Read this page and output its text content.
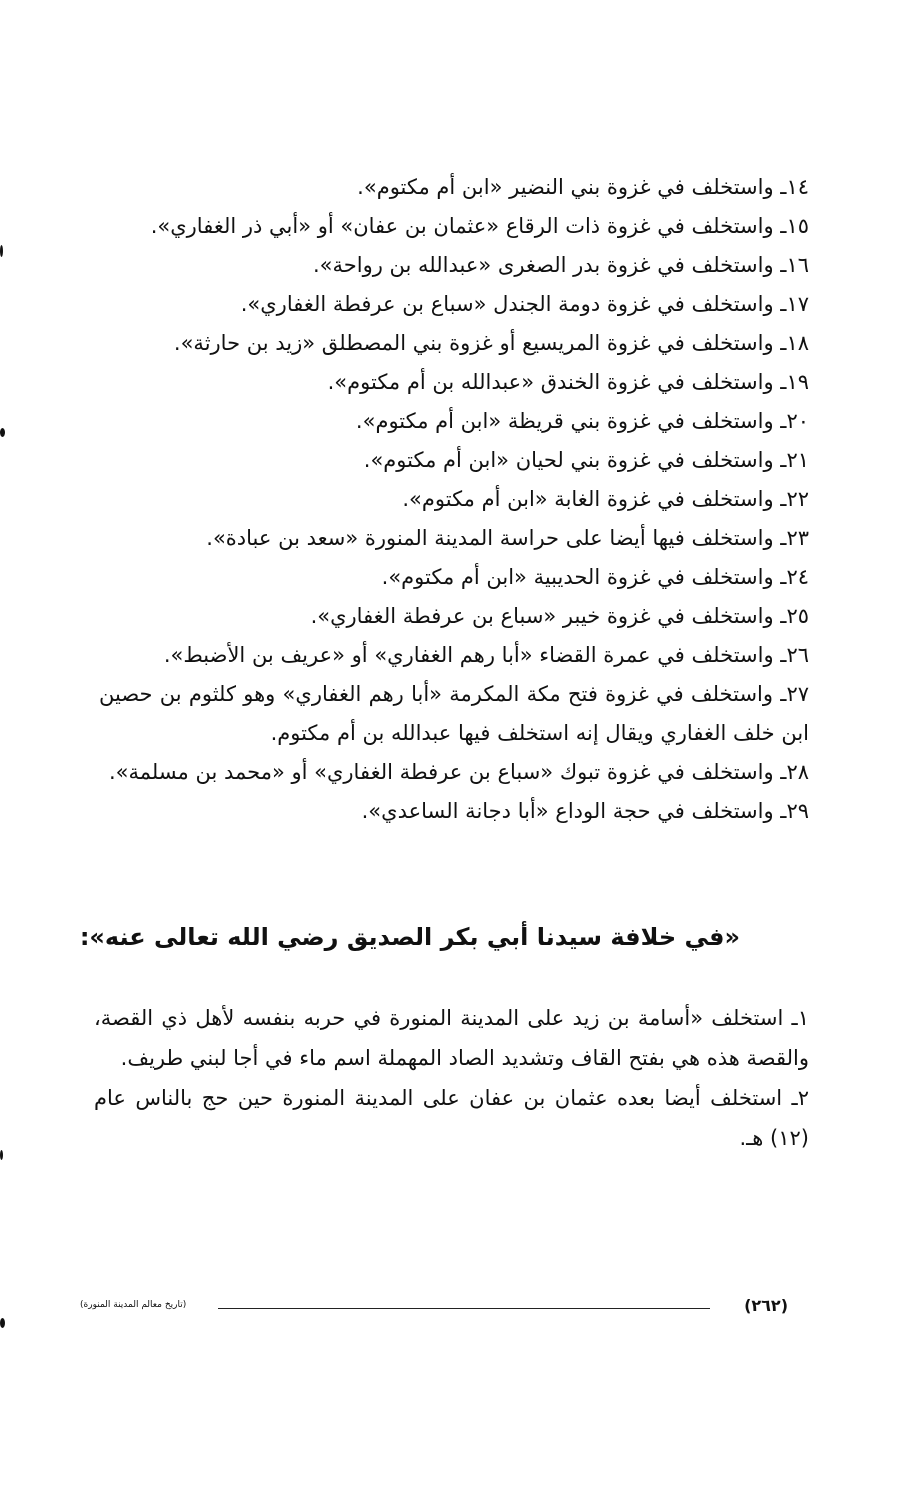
١٤ـ واستخلف في غزوة بني النضير «ابن أم مكتوم».
١٥ـ واستخلف في غزوة ذات الرقاع «عثمان بن عفان» أو «أبي ذر الغفاري».
١٦ـ واستخلف في غزوة بدر الصغرى «عبدالله بن رواحة».
١٧ـ واستخلف في غزوة دومة الجندل «سباع بن عرفطة الغفاري».
١٨ـ واستخلف في غزوة المريسيع أو غزوة بني المصطلق «زيد بن حارثة».
١٩ـ واستخلف في غزوة الخندق «عبدالله بن أم مكتوم».
٢٠ـ واستخلف في غزوة بني قريظة «ابن أم مكتوم».
٢١ـ واستخلف في غزوة بني لحيان «ابن أم مكتوم».
٢٢ـ واستخلف في غزوة الغابة «ابن أم مكتوم».
٢٣ـ واستخلف فيها أيضا على حراسة المدينة المنورة «سعد بن عبادة».
٢٤ـ واستخلف في غزوة الحديبية «ابن أم مكتوم».
٢٥ـ واستخلف في غزوة خيبر «سباع بن عرفطة الغفاري».
٢٦ـ واستخلف في عمرة القضاء «أبا رهم الغفاري» أو «عريف بن الأضبط».
٢٧ـ واستخلف في غزوة فتح مكة المكرمة «أبا رهم الغفاري» وهو كلثوم بن حصين ابن خلف الغفاري ويقال إنه استخلف فيها عبدالله بن أم مكتوم.
٢٨ـ واستخلف في غزوة تبوك «سباع بن عرفطة الغفاري» أو «محمد بن مسلمة».
٢٩ـ واستخلف في حجة الوداع «أبا دجانة الساعدي».
«في خلافة سيدنا أبي بكر الصديق رضي الله تعالى عنه»:

١ـ استخلف «أسامة بن زيد على المدينة المنورة في حربه بنفسه لأهل ذي القصة، والقصة هذه هي بفتح القاف وتشديد الصاد المهملة اسم ماء في أجا لبني طريف.

٢ـ استخلف أيضا بعده عثمان بن عفان على المدينة المنورة حين حج بالناس عام (١٢) هـ.

(تاريخ معالم المدينة المنورة)	(٢٦٢)
